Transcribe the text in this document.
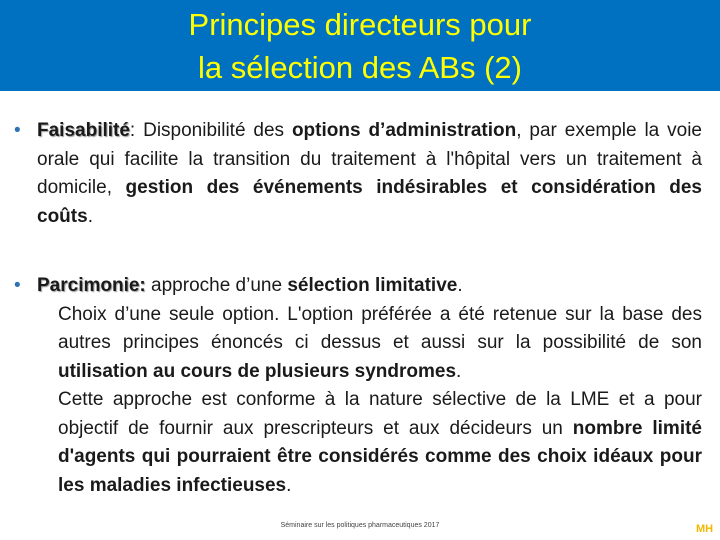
Principes directeurs pour
la sélection des ABs (2)
• Faisabilité: Disponibilité des options d’administration, par exemple la voie orale qui facilite la transition du traitement à l'hôpital vers un traitement à domicile, gestion des événements indésirables et considération des coûts.
• Parcimonie: approche d’une sélection limitative.
Choix d’une seule option. L'option préférée a été retenue sur la base des autres principes énoncés ci dessus et aussi sur la possibilité de son utilisation au cours de plusieurs syndromes.
Cette approche est conforme à la nature sélective de la LME et a pour objectif de fournir aux prescripteurs et aux décideurs un nombre limité d'agents qui pourraient être considérés comme des choix idéaux pour les maladies infectieuses.
Séminaire sur les politiques pharmaceutiques 2017	MH
